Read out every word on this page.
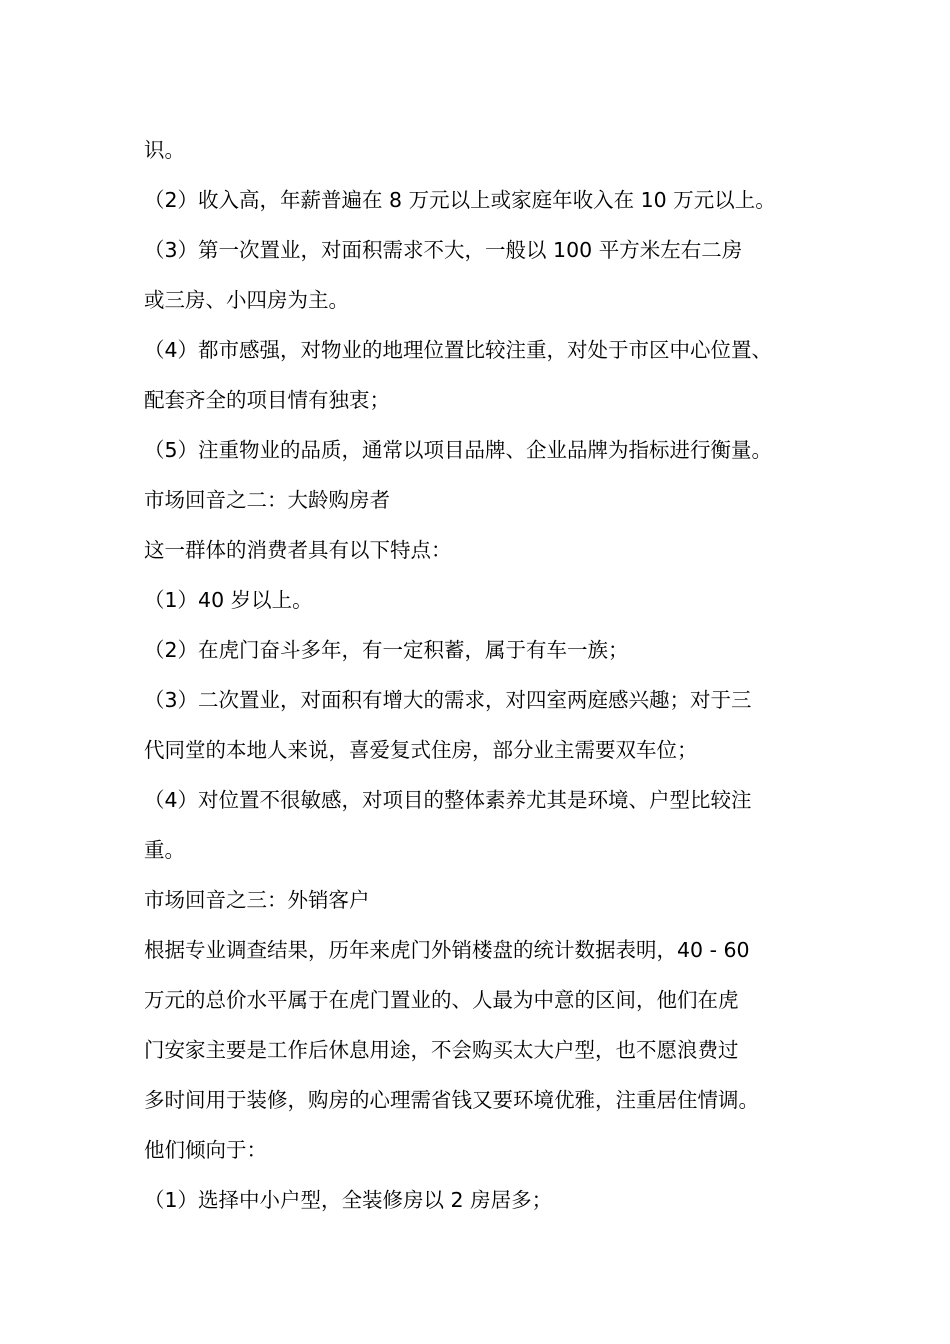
识。
（2）收入高，年薪普遍在 8 万元以上或家庭年收入在 10 万元以上。
（3）第一次置业，对面积需求不大，一般以 100 平方米左右二房
或三房、小四房为主。
（4）都市感强，对物业的地理位置比较注重，对处于市区中心位置、
配套齐全的项目情有独衷；
（5）注重物业的品质，通常以项目品牌、企业品牌为指标进行衡量。
市场回音之二：大龄购房者
这一群体的消费者具有以下特点：
（1）40 岁以上。
（2）在虎门奋斗多年，有一定积蓄，属于有车一族；
（3）二次置业，对面积有增大的需求，对四室两庭感兴趣；对于三
代同堂的本地人来说，喜爱复式住房，部分业主需要双车位；
（4）对位置不很敏感，对项目的整体素养尤其是环境、户型比较注
重。
市场回音之三：外销客户
根据专业调查结果，历年来虎门外销楼盘的统计数据表明，40 - 60
万元的总价水平属于在虎门置业的、人最为中意的区间，他们在虎
门安家主要是工作后休息用途，不会购买太大户型，也不愿浪费过
多时间用于装修，购房的心理需省钱又要环境优雅，注重居住情调。
他们倾向于：
（1）选择中小户型，全装修房以 2 房居多；
